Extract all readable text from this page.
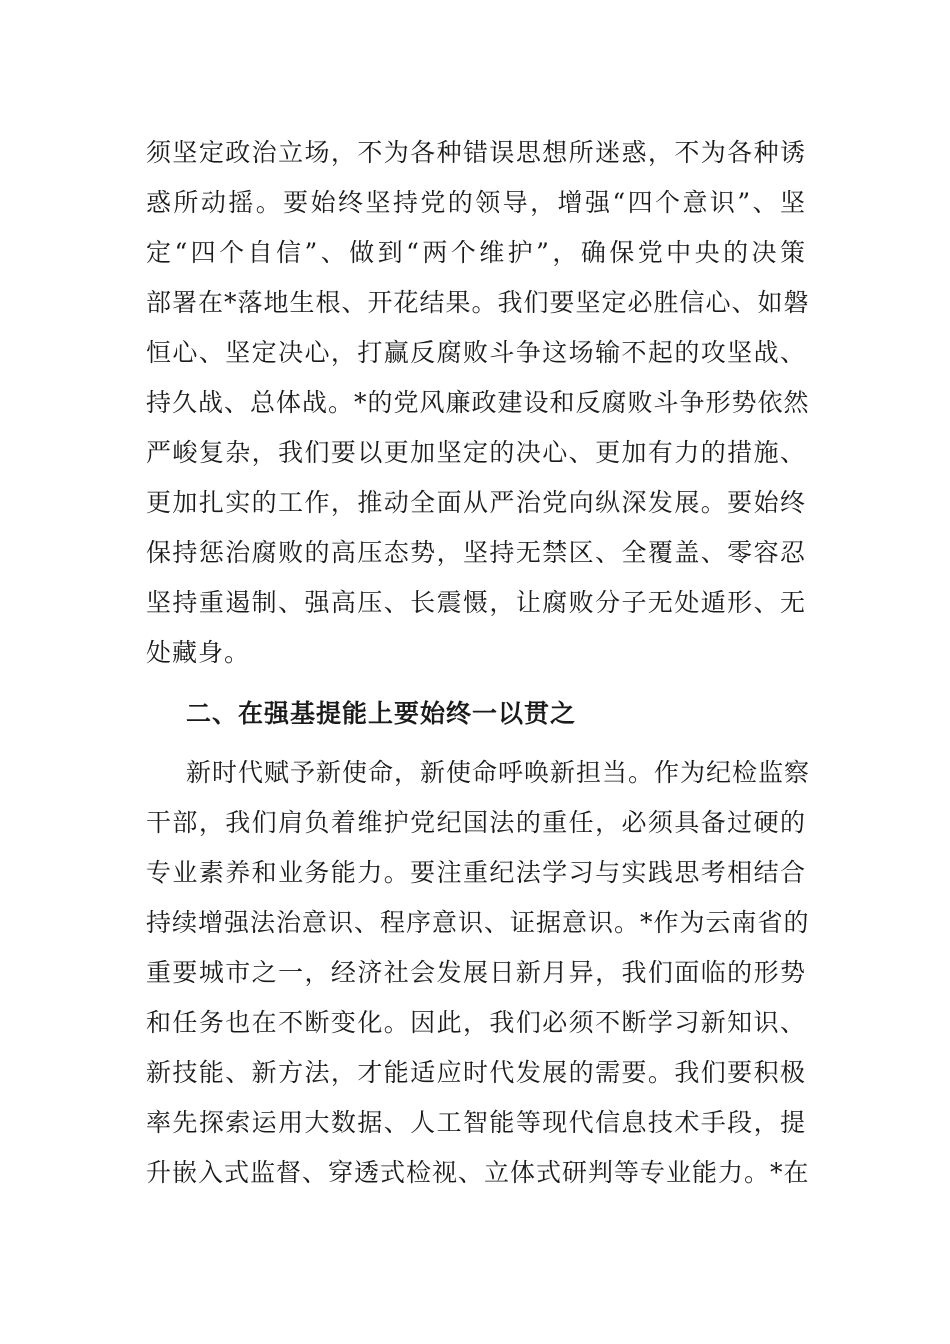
须坚定政治立场，不为各种错误思想所迷惑，不为各种诱
惑所动摇。要始终坚持党的领导，增强“四个意识”、坚
定“四个自信”、做到“两个维护”，确保党中央的决策
部署在*落地生根、开花结果。我们要坚定必胜信心、如磐
恒心、坚定决心，打赢反腐败斗争这场输不起的攻坚战、
持久战、总体战。*的党风廉政建设和反腐败斗争形势依然
严峻复杂，我们要以更加坚定的决心、更加有力的措施、
更加扎实的工作，推动全面从严治党向纵深发展。要始终
保持惩治腐败的高压态势，坚持无禁区、全覆盖、零容忍
坚持重遏制、强高压、长震慑，让腐败分子无处遁形、无
处藏身。
二、在强基提能上要始终一以贯之
新时代赋予新使命，新使命呼唤新担当。作为纪检监察
干部，我们肩负着维护党纪国法的重任，必须具备过硬的
专业素养和业务能力。要注重纪法学习与实践思考相结合
持续增强法治意识、程序意识、证据意识。*作为云南省的
重要城市之一，经济社会发展日新月异，我们面临的形势
和任务也在不断变化。因此，我们必须不断学习新知识、
新技能、新方法，才能适应时代发展的需要。我们要积极
率先探索运用大数据、人工智能等现代信息技术手段，提
升嵌入式监督、穿透式检视、立体式研判等专业能力。*在
